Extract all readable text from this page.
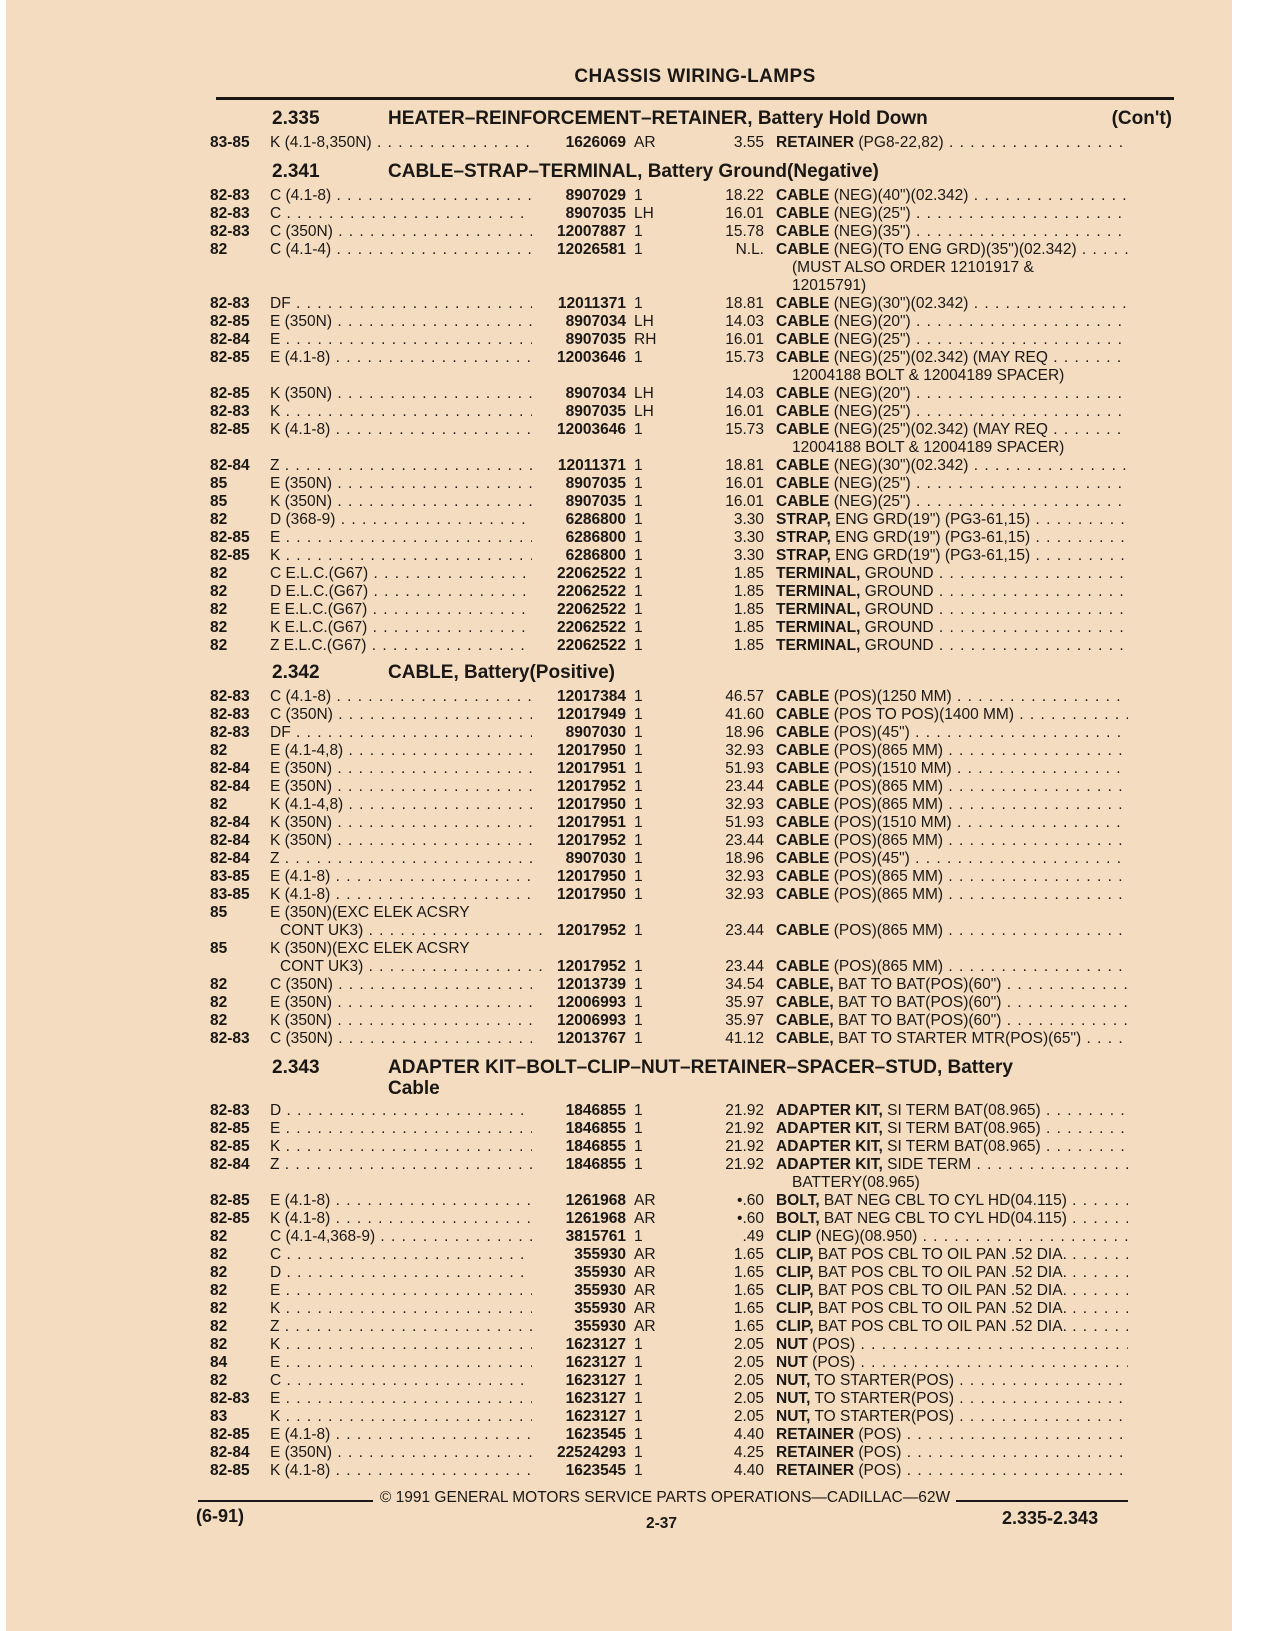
CHASSIS WIRING-LAMPS
2.335	HEATER–REINFORCEMENT–RETAINER, Battery Hold Down	(Con't)
83-85	K (4.1-8,350N) . . .	1626069 AR	3.55 RETAINER (PG8-22,82) . . .
2.341	CABLE–STRAP–TERMINAL, Battery Ground(Negative)
82-83	C (4.1-8) . . .	8907029 1	18.22 CABLE (NEG)(40")(02.342) . . .
82-83	C . . .	8907035 LH	16.01 CABLE (NEG)(25") . . .
82-83	C (350N) . . .	12007887 1	15.78 CABLE (NEG)(35") . . .
82	C (4.1-4) . . .	12026581 1	N.L. CABLE (NEG)(TO ENG GRD)(35")(02.342) . . .
(MUST ALSO ORDER 12101917 &
12015791)
82-83	DF . . .	12011371 1	18.81 CABLE (NEG)(30")(02.342) . . .
82-85	E (350N) . . .	8907034 LH	14.03 CABLE (NEG)(20") . . .
82-84	E . . .	8907035 RH	16.01 CABLE (NEG)(25") . . .
82-85	E (4.1-8) . . .	12003646 1	15.73 CABLE (NEG)(25")(02.342) (MAY REQ . . .
12004188 BOLT & 12004189 SPACER)
82-85	K (350N) . . .	8907034 LH	14.03 CABLE (NEG)(20") . . .
82-83	K . . .	8907035 LH	16.01 CABLE (NEG)(25") . . .
82-85	K (4.1-8) . . .	12003646 1	15.73 CABLE (NEG)(25")(02.342) (MAY REQ . . .
12004188 BOLT & 12004189 SPACER)
82-84	Z . . .	12011371 1	18.81 CABLE (NEG)(30")(02.342) . . .
85	E (350N) . . .	8907035 1	16.01 CABLE (NEG)(25") . . .
85	K (350N) . . .	8907035 1	16.01 CABLE (NEG)(25") . . .
82	D (368-9) . . .	6286800 1	3.30 STRAP, ENG GRD(19") (PG3-61,15) . . .
82-85	E . . .	6286800 1	3.30 STRAP, ENG GRD(19") (PG3-61,15) . . .
82-85	K . . .	6286800 1	3.30 STRAP, ENG GRD(19") (PG3-61,15) . . .
82	C E.L.C.(G67) . . .	22062522 1	1.85 TERMINAL, GROUND . . .
82	D E.L.C.(G67) . . .	22062522 1	1.85 TERMINAL, GROUND . . .
82	E E.L.C.(G67) . . .	22062522 1	1.85 TERMINAL, GROUND . . .
82	K E.L.C.(G67) . . .	22062522 1	1.85 TERMINAL, GROUND . . .
82	Z E.L.C.(G67) . . .	22062522 1	1.85 TERMINAL, GROUND . . .
2.342	CABLE, Battery(Positive)
82-83	C (4.1-8) . . .	12017384 1	46.57 CABLE (POS)(1250 MM) . . .
82-83	C (350N) . . .	12017949 1	41.60 CABLE (POS TO POS)(1400 MM) . . .
82-83	DF . . .	8907030 1	18.96 CABLE (POS)(45") . . .
82	E (4.1-4,8) . . .	12017950 1	32.93 CABLE (POS)(865 MM) . . .
82-84	E (350N) . . .	12017951 1	51.93 CABLE (POS)(1510 MM) . . .
82-84	E (350N) . . .	12017952 1	23.44 CABLE (POS)(865 MM) . . .
82	K (4.1-4,8) . . .	12017950 1	32.93 CABLE (POS)(865 MM) . . .
82-84	K (350N) . . .	12017951 1	51.93 CABLE (POS)(1510 MM) . . .
82-84	K (350N) . . .	12017952 1	23.44 CABLE (POS)(865 MM) . . .
82-84	Z . . .	8907030 1	18.96 CABLE (POS)(45") . . .
83-85	E (4.1-8) . . .	12017950 1	32.93 CABLE (POS)(865 MM) . . .
83-85	K (4.1-8) . . .	12017950 1	32.93 CABLE (POS)(865 MM) . . .
85	E (350N)(EXC ELEK ACSRY
CONT UK3) . . .	12017952 1	23.44 CABLE (POS)(865 MM) . . .
85	K (350N)(EXC ELEK ACSRY
CONT UK3) . . .	12017952 1	23.44 CABLE (POS)(865 MM) . . .
82	C (350N) . . .	12013739 1	34.54 CABLE, BAT TO BAT(POS)(60") . . .
82	E (350N) . . .	12006993 1	35.97 CABLE, BAT TO BAT(POS)(60") . . .
82	K (350N) . . .	12006993 1	35.97 CABLE, BAT TO BAT(POS)(60") . . .
82-83	C (350N) . . .	12013767 1	41.12 CABLE, BAT TO STARTER MTR(POS)(65") . . .
2.343	ADAPTER KIT–BOLT–CLIP–NUT–RETAINER–SPACER–STUD, Battery
Cable
82-83	D . . .	1846855 1	21.92 ADAPTER KIT, SI TERM BAT(08.965) . . .
82-85	E . . .	1846855 1	21.92 ADAPTER KIT, SI TERM BAT(08.965) . . .
82-85	K . . .	1846855 1	21.92 ADAPTER KIT, SI TERM BAT(08.965) . . .
82-84	Z . . .	1846855 1	21.92 ADAPTER KIT, SIDE TERM . . .
BATTERY(08.965)
82-85	E (4.1-8) . . .	1261968 AR	•.60 BOLT, BAT NEG CBL TO CYL HD(04.115) . . .
82-85	K (4.1-8) . . .	1261968 AR	•.60 BOLT, BAT NEG CBL TO CYL HD(04.115) . . .
82	C (4.1-4,368-9) . . .	3815761 1	.49 CLIP (NEG)(08.950) . . .
82	C . . .	355930 AR	1.65 CLIP, BAT POS CBL TO OIL PAN .52 DIA. . . .
82	D . . .	355930 AR	1.65 CLIP, BAT POS CBL TO OIL PAN .52 DIA. . . .
82	E . . .	355930 AR	1.65 CLIP, BAT POS CBL TO OIL PAN .52 DIA. . . .
82	K . . .	355930 AR	1.65 CLIP, BAT POS CBL TO OIL PAN .52 DIA. . . .
82	Z . . .	355930 AR	1.65 CLIP, BAT POS CBL TO OIL PAN .52 DIA. . . .
82	K . . .	1623127 1	2.05 NUT (POS) . . .
84	E . . .	1623127 1	2.05 NUT (POS) . . .
82	C . . .	1623127 1	2.05 NUT, TO STARTER(POS) . . .
82-83	E . . .	1623127 1	2.05 NUT, TO STARTER(POS) . . .
83	K . . .	1623127 1	2.05 NUT, TO STARTER(POS) . . .
82-85	E (4.1-8) . . .	1623545 1	4.40 RETAINER (POS) . . .
82-84	E (350N) . . .	22524293 1	4.25 RETAINER (POS) . . .
82-85	K (4.1-8) . . .	1623545 1	4.40 RETAINER (POS) . . .
© 1991 GENERAL MOTORS SERVICE PARTS OPERATIONS—CADILLAC—62W
(6-91)	2-37	2.335-2.343
